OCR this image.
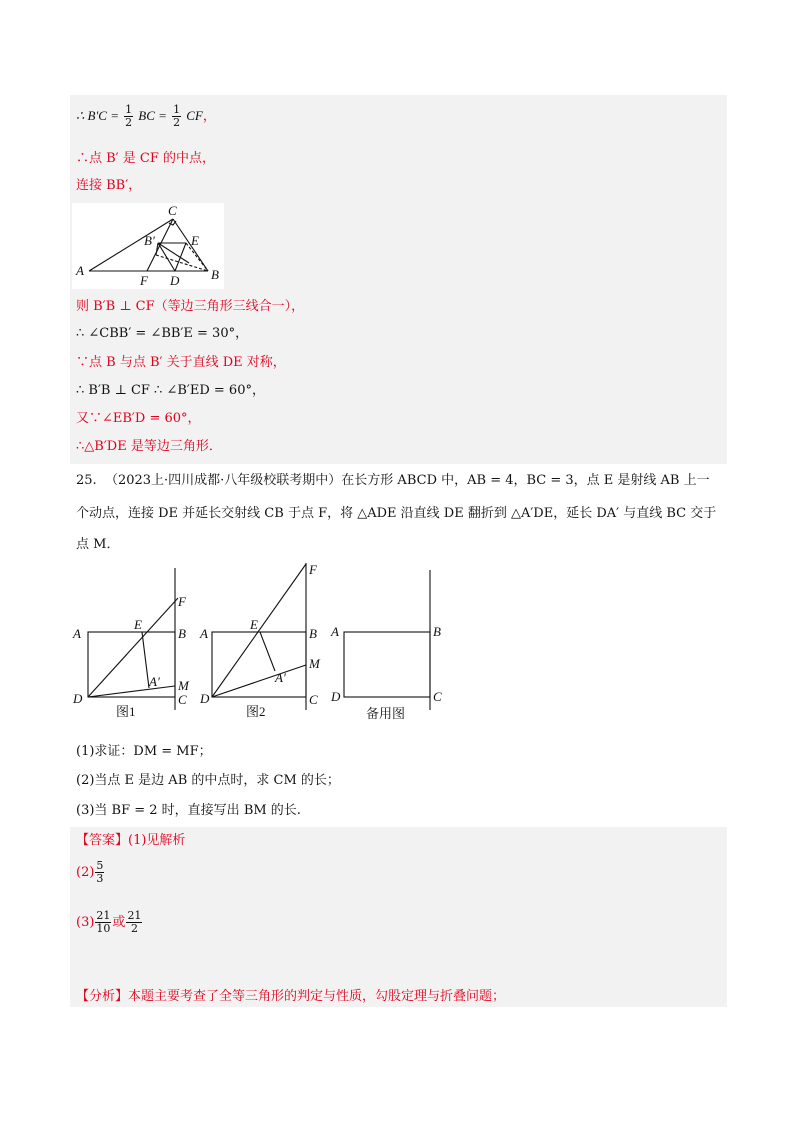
∴ $B'C = \frac{1}{2}$ BC = $\frac{1}{2}$ CF，
∴点 B′ 是 CF 的中点，
连接 BB′，
A	B
C
B′	E
F D
则 B′B ⊥ CF（等边三角形三线合一），
∴ ∠CBB′ = ∠BB′E = 30°，
∵点 B 与点 B′ 关于直线 DE 对称，
∴ B′B ⊥ CF ∴ ∠B′ED = 60°，
又∵∠EB′D = 60°，
∴△B′DE 是等边三角形．
25. （2023上·四川成都·八年级校联考期中）在长方形 ABCD 中，AB = 4，BC = 3，点 E 是射线 AB 上一
个动点，连接 DE 并延长交射线 CB 于点 F，将 △ADE 沿直线 DE 翻折到 △A′DE，延长 DA′ 与直线 BC 交于
点 M．
A
D
E
B
F
M
C
A′
A
D
E
B
F
M
C
A′
A
D
B
C
图1	图2	备用图
(1)求证：DM = MF；
(2)当点 E 是边 AB 的中点时，求 CM 的长；
(3)当 BF = 2 时，直接写出 BM 的长.
【答案】(1)见解析
$(2) \frac{5}{3}$
$(3) \frac{21}{10}$ 或 $\frac{21}{2}$
【分析】本题主要考查了全等三角形的判定与性质，勾股定理与折叠问题；
